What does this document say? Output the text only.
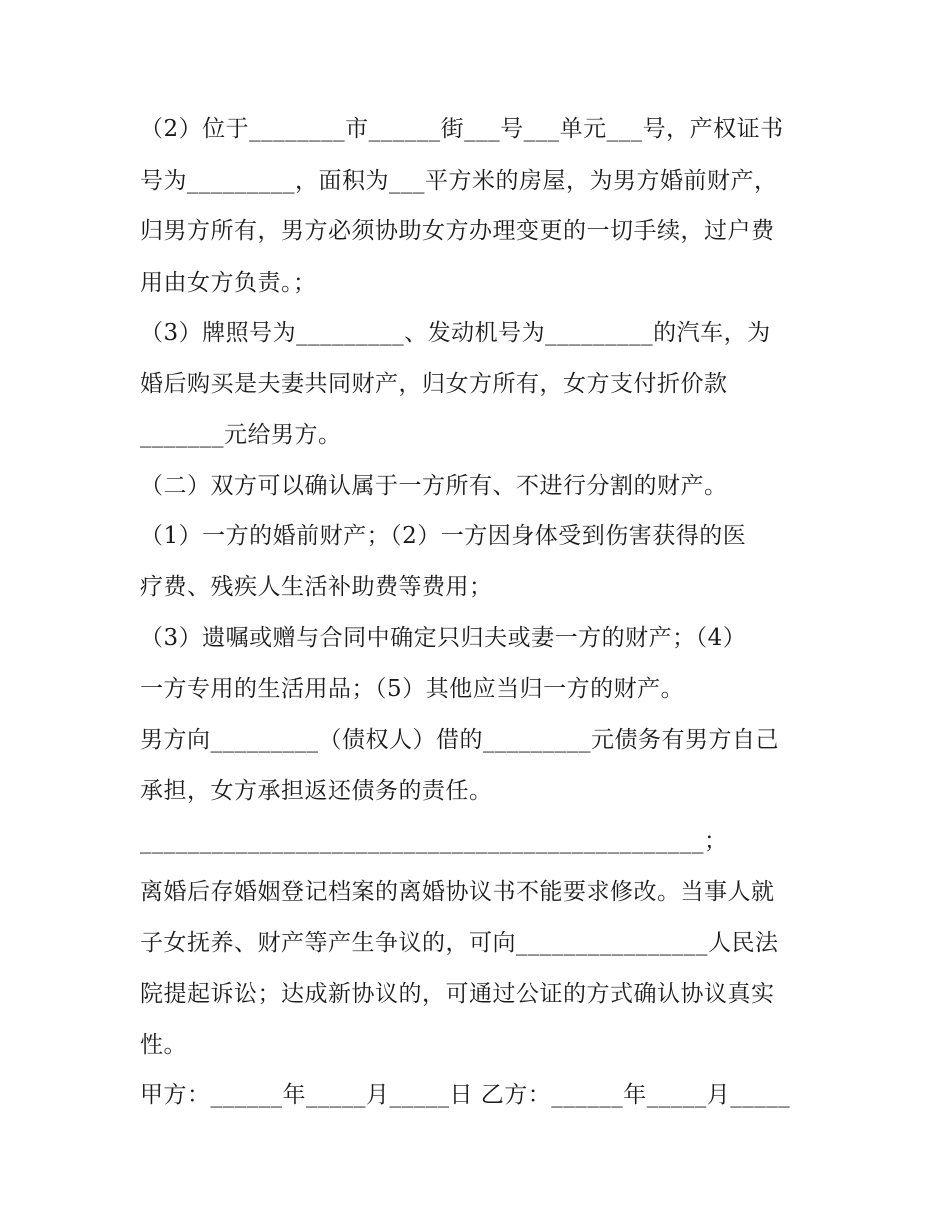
（2）位于________市______街___号___单元___号，产权证书
号为_________，面积为___平方米的房屋，为男方婚前财产，
归男方所有，男方必须协助女方办理变更的一切手续，过户费
用由女方负责。；
（3）牌照号为_________、发动机号为_________的汽车，为
婚后购买是夫妻共同财产，归女方所有，女方支付折价款
_______元给男方。
（二）双方可以确认属于一方所有、不进行分割的财产。
（1）一方的婚前财产；（2）一方因身体受到伤害获得的医
疗费、残疾人生活补助费等费用；
（3）遗嘱或赠与合同中确定只归夫或妻一方的财产；（4）
一方专用的生活用品；（5）其他应当归一方的财产。
男方向_________（债权人）借的_________元债务有男方自己
承担，女方承担返还债务的责任。
_______________________________________________；
离婚后存婚姻登记档案的离婚协议书不能要求修改。当事人就
子女抚养、财产等产生争议的，可向________________人民法
院提起诉讼；达成新协议的，可通过公证的方式确认协议真实
性。
甲方：______年_____月_____日 乙方：______年_____月_____
